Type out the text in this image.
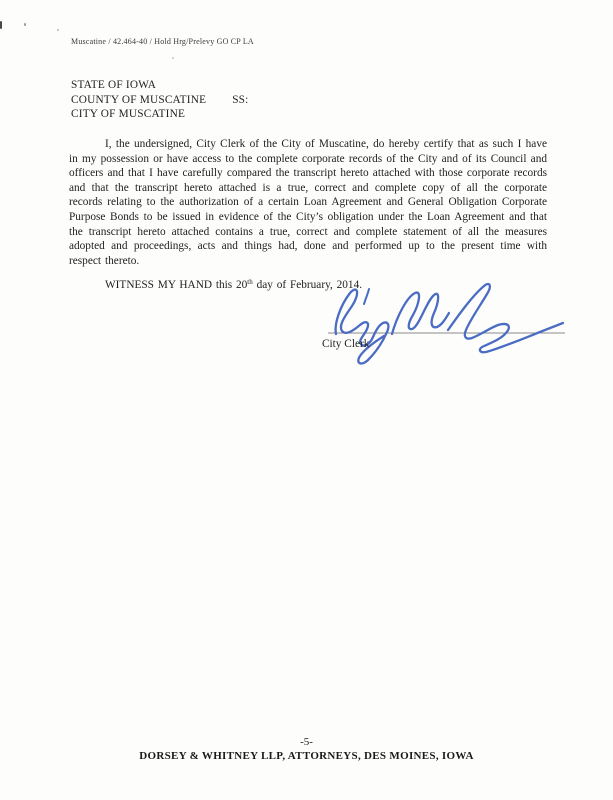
Muscatine / 42.464-40 / Hold Hrg/Prelevy GO CP LA
STATE OF IOWA
COUNTY OF MUSCATINE SS:
CITY OF MUSCATINE

I, the undersigned, City Clerk of the City of Muscatine, do hereby certify that as such I have in my possession or have access to the complete corporate records of the City and of its Council and officers and that I have carefully compared the transcript hereto attached with those corporate records and that the transcript hereto attached is a true, correct and complete copy of all the corporate records relating to the authorization of a certain Loan Agreement and General Obligation Corporate Purpose Bonds to be issued in evidence of the City’s obligation under the Loan Agreement and that the transcript hereto attached contains a true, correct and complete statement of all the measures adopted and proceedings, acts and things had, done and performed up to the present time with respect thereto.

WITNESS MY HAND this 20th day of February, 2014.
City Clerk
-5-
DORSEY & WHITNEY LLP, ATTORNEYS, DES MOINES, IOWA
